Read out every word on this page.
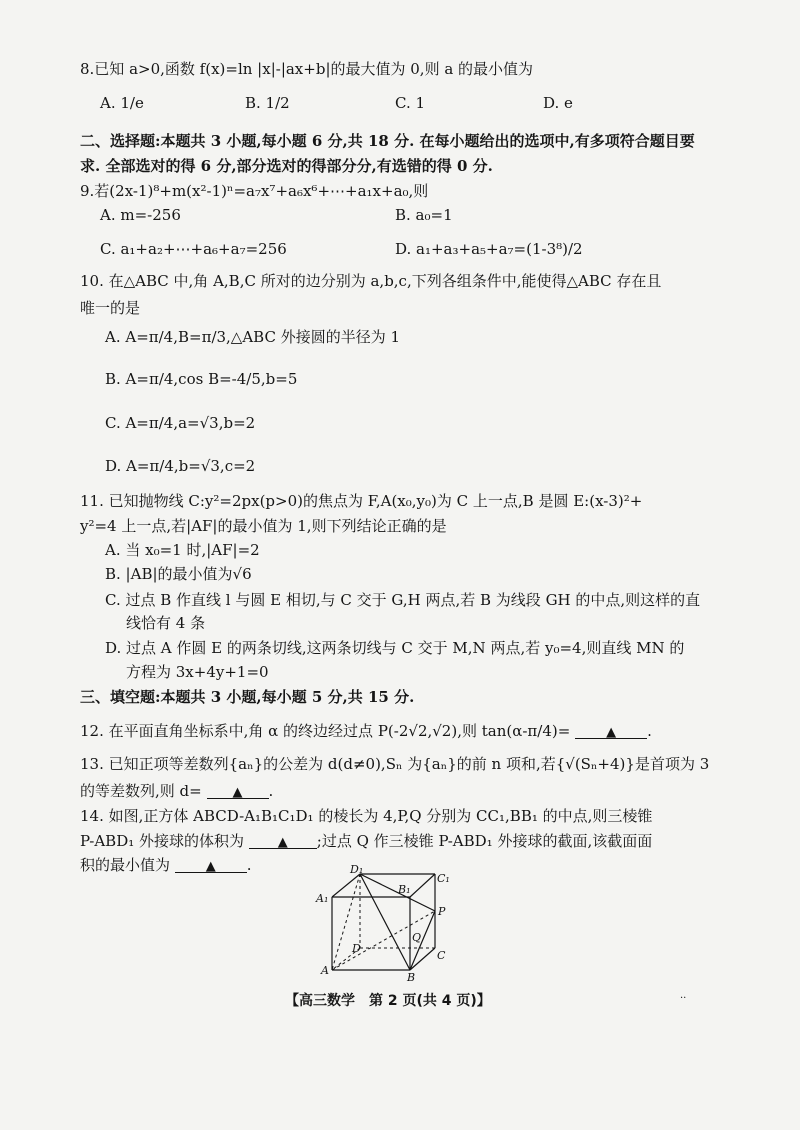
8.已知 a>0,函数 f(x)=ln |x|-|ax+b|的最大值为 0,则 a 的最小值为
A. 1/e	B. 1/2	C. 1	D. e
二、选择题:本题共 3 小题,每小题 6 分,共 18 分. 在每小题给出的选项中,有多项符合题目要
求. 全部选对的得 6 分,部分选对的得部分分,有选错的得 0 分.
9.若(2x-1)⁸+m(x²-1)ⁿ=a₇x⁷+a₆x⁶+⋯+a₁x+a₀,则
A. m=-256	B. a₀=1
C. a₁+a₂+⋯+a₆+a₇=256	D. a₁+a₃+a₅+a₇=(1-3⁸)/2
10. 在△ABC 中,角 A,B,C 所对的边分别为 a,b,c,下列各组条件中,能使得△ABC 存在且
唯一的是
A. A=π/4,B=π/3,△ABC 外接圆的半径为 1
B. A=π/4,cos B=-4/5,b=5
C. A=π/4,a=√3,b=2
D. A=π/4,b=√3,c=2
11. 已知抛物线 C:y²=2px(p>0)的焦点为 F,A(x₀,y₀)为 C 上一点,B 是圆 E:(x-3)²+
y²=4 上一点,若|AF|的最小值为 1,则下列结论正确的是
A. 当 x₀=1 时,|AF|=2
B. |AB|的最小值为√6
C. 过点 B 作直线 l 与圆 E 相切,与 C 交于 G,H 两点,若 B 为线段 GH 的中点,则这样的直
线恰有 4 条
D. 过点 A 作圆 E 的两条切线,这两条切线与 C 交于 M,N 两点,若 y₀=4,则直线 MN 的
方程为 3x+4y+1=0
三、填空题:本题共 3 小题,每小题 5 分,共 15 分.
12. 在平面直角坐标系中,角 α 的终边经过点 P(-2√2,√2),则 tan(α-π/4)=	▲ .
13. 已知正项等差数列{aₙ}的公差为 d(d≠0),Sₙ 为{aₙ}的前 n 项和,若{√(Sₙ+4)}是首项为 3
的等差数列,则 d= ▲ .
14. 如图,正方体 ABCD-A₁B₁C₁D₁ 的棱长为 4,P,Q 分别为 CC₁,BB₁ 的中点,则三棱锥
P-ABD₁ 外接球的体积为	▲ ;过点 Q 作三棱锥 P-ABD₁ 外接球的截面,该截面面
积的最小值为	▲ .	D₁
C₁
A₁
B₁
P
Q
D
C
A
B
【高三数学　第 2 页(共 4 页)】	..
